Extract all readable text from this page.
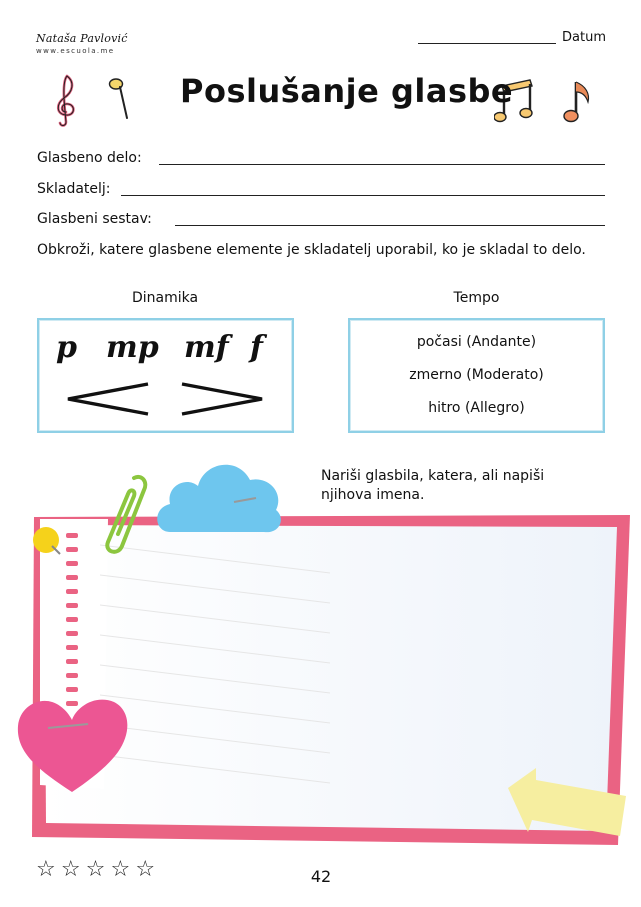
Nataša Pavlović
www.escuola.me
Datum
Poslušanje glasbe
Glasbeno delo:
Skladatelj:
Glasbeni sestav:
Obkroži, katere glasbene elemente je skladatelj uporabil, ko je skladal to delo.
Dinamika	Tempo
p mp mf f	počasi (Andante)
zmerno (Moderato)
hitro (Allegro)
Nariši glasbila, katera, ali napiši njihova imena.
☆ ☆ ☆ ☆ ☆	42
